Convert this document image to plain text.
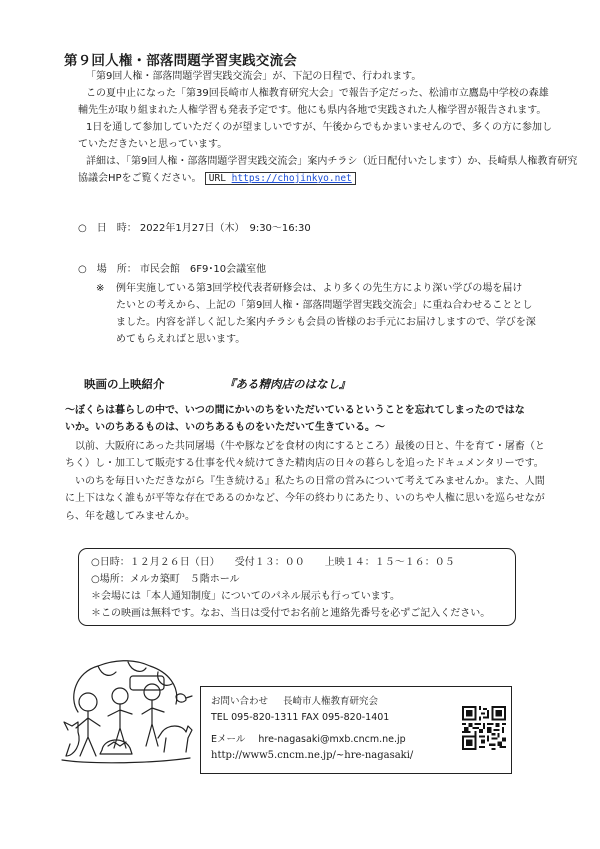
第９回人権・部落問題学習実践交流会
「第9回人権・部落問題学習実践交流会」が、下記の日程で、行われます。
この夏中止になった「第39回長崎市人権教育研究大会」で報告予定だった、松浦市立鷹島中学校の森雄
輔先生が取り組まれた人権学習も発表予定です。他にも県内各地で実践された人権学習が報告されます。
1日を通して参加していただくのが望ましいですが、午後からでもかまいませんので、多くの方に参加し
ていただきたいと思っています。
詳細は、「第9回人権・部落問題学習実践交流会」案内チラシ（近日配付いたします）か、長崎県人権教育研究
協議会HPをご覧ください。 URL https://chojinkyo.net
○　日　時： 2022年1月27日（木）　9:30～16:30
○　場　所： 市民会館　6F9･10会議室他
※ 例年実施している第3回学校代表者研修会は、より多くの先生方により深い学びの場を届け
たいとの考えから、上記の「第9回人権・部落問題学習実践交流会」に重ね合わせることとし
ました。内容を詳しく記した案内チラシも会員の皆様のお手元にお届けしますので、学びを深
めてもらえればと思います。
映画の上映紹介	『ある精肉店のはなし』
～ぼくらは暮らしの中で、いつの間にかいのちをいただいているということを忘れてしまったのではな
いか。いのちあるものは、いのちあるものをいただいて生きている。～
以前、大阪府にあった共同屠場（牛や豚などを食材の肉にするところ）最後の日と、牛を育て・屠畜（と
ちく）し・加工して販売する仕事を代々続けてきた精肉店の日々の暮らしを追ったドキュメンタリーです。
いのちを毎日いただきながら『生き続ける』私たちの日常の営みについて考えてみませんか。また、人間
に上下はなく誰もが平等な存在であるのかなど、今年の終わりにあたり、いのちや人権に思いを巡らせなが
ら、年を越してみませんか。
○日時：１２月２６日（日）　　受付１３：００　　上映１４：１５～１６：０５
○場所：メルカ築町　５階ホール
＊会場には「本人通知制度」についてのパネル展示も行っています。
＊この映画は無料です。なお、当日は受付でお名前と連絡先番号を必ずご記入ください。
お問い合わせ 長崎市人権教育研究会
TEL 095-820-1311 FAX 095-820-1401
Eメール hre-nagasaki@mxb.cncm.ne.jp
http://www5.cncm.ne.jp/~hre-nagasaki/
